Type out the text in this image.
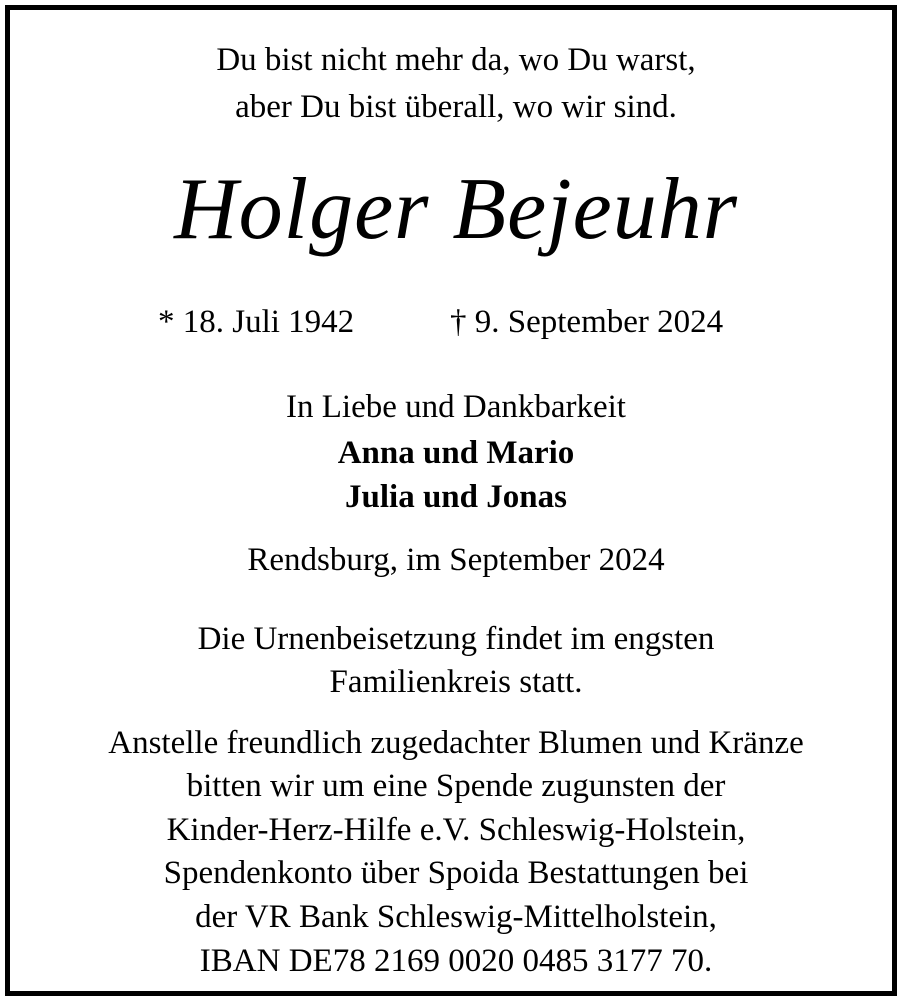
Du bist nicht mehr da, wo Du warst,
aber Du bist überall, wo wir sind.
Holger Bejeuhr
* 18. Juli 1942	† 9. September 2024
In Liebe und Dankbarkeit
Anna und Mario
Julia und Jonas
Rendsburg, im September 2024
Die Urnenbeisetzung findet im engsten
Familienkreis statt.
Anstelle freundlich zugedachter Blumen und Kränze
bitten wir um eine Spende zugunsten der
Kinder-Herz-Hilfe e.V. Schleswig-Holstein,
Spendenkonto über Spoida Bestattungen bei
der VR Bank Schleswig-Mittelholstein,
IBAN DE78 2169 0020 0485 3177 70.
